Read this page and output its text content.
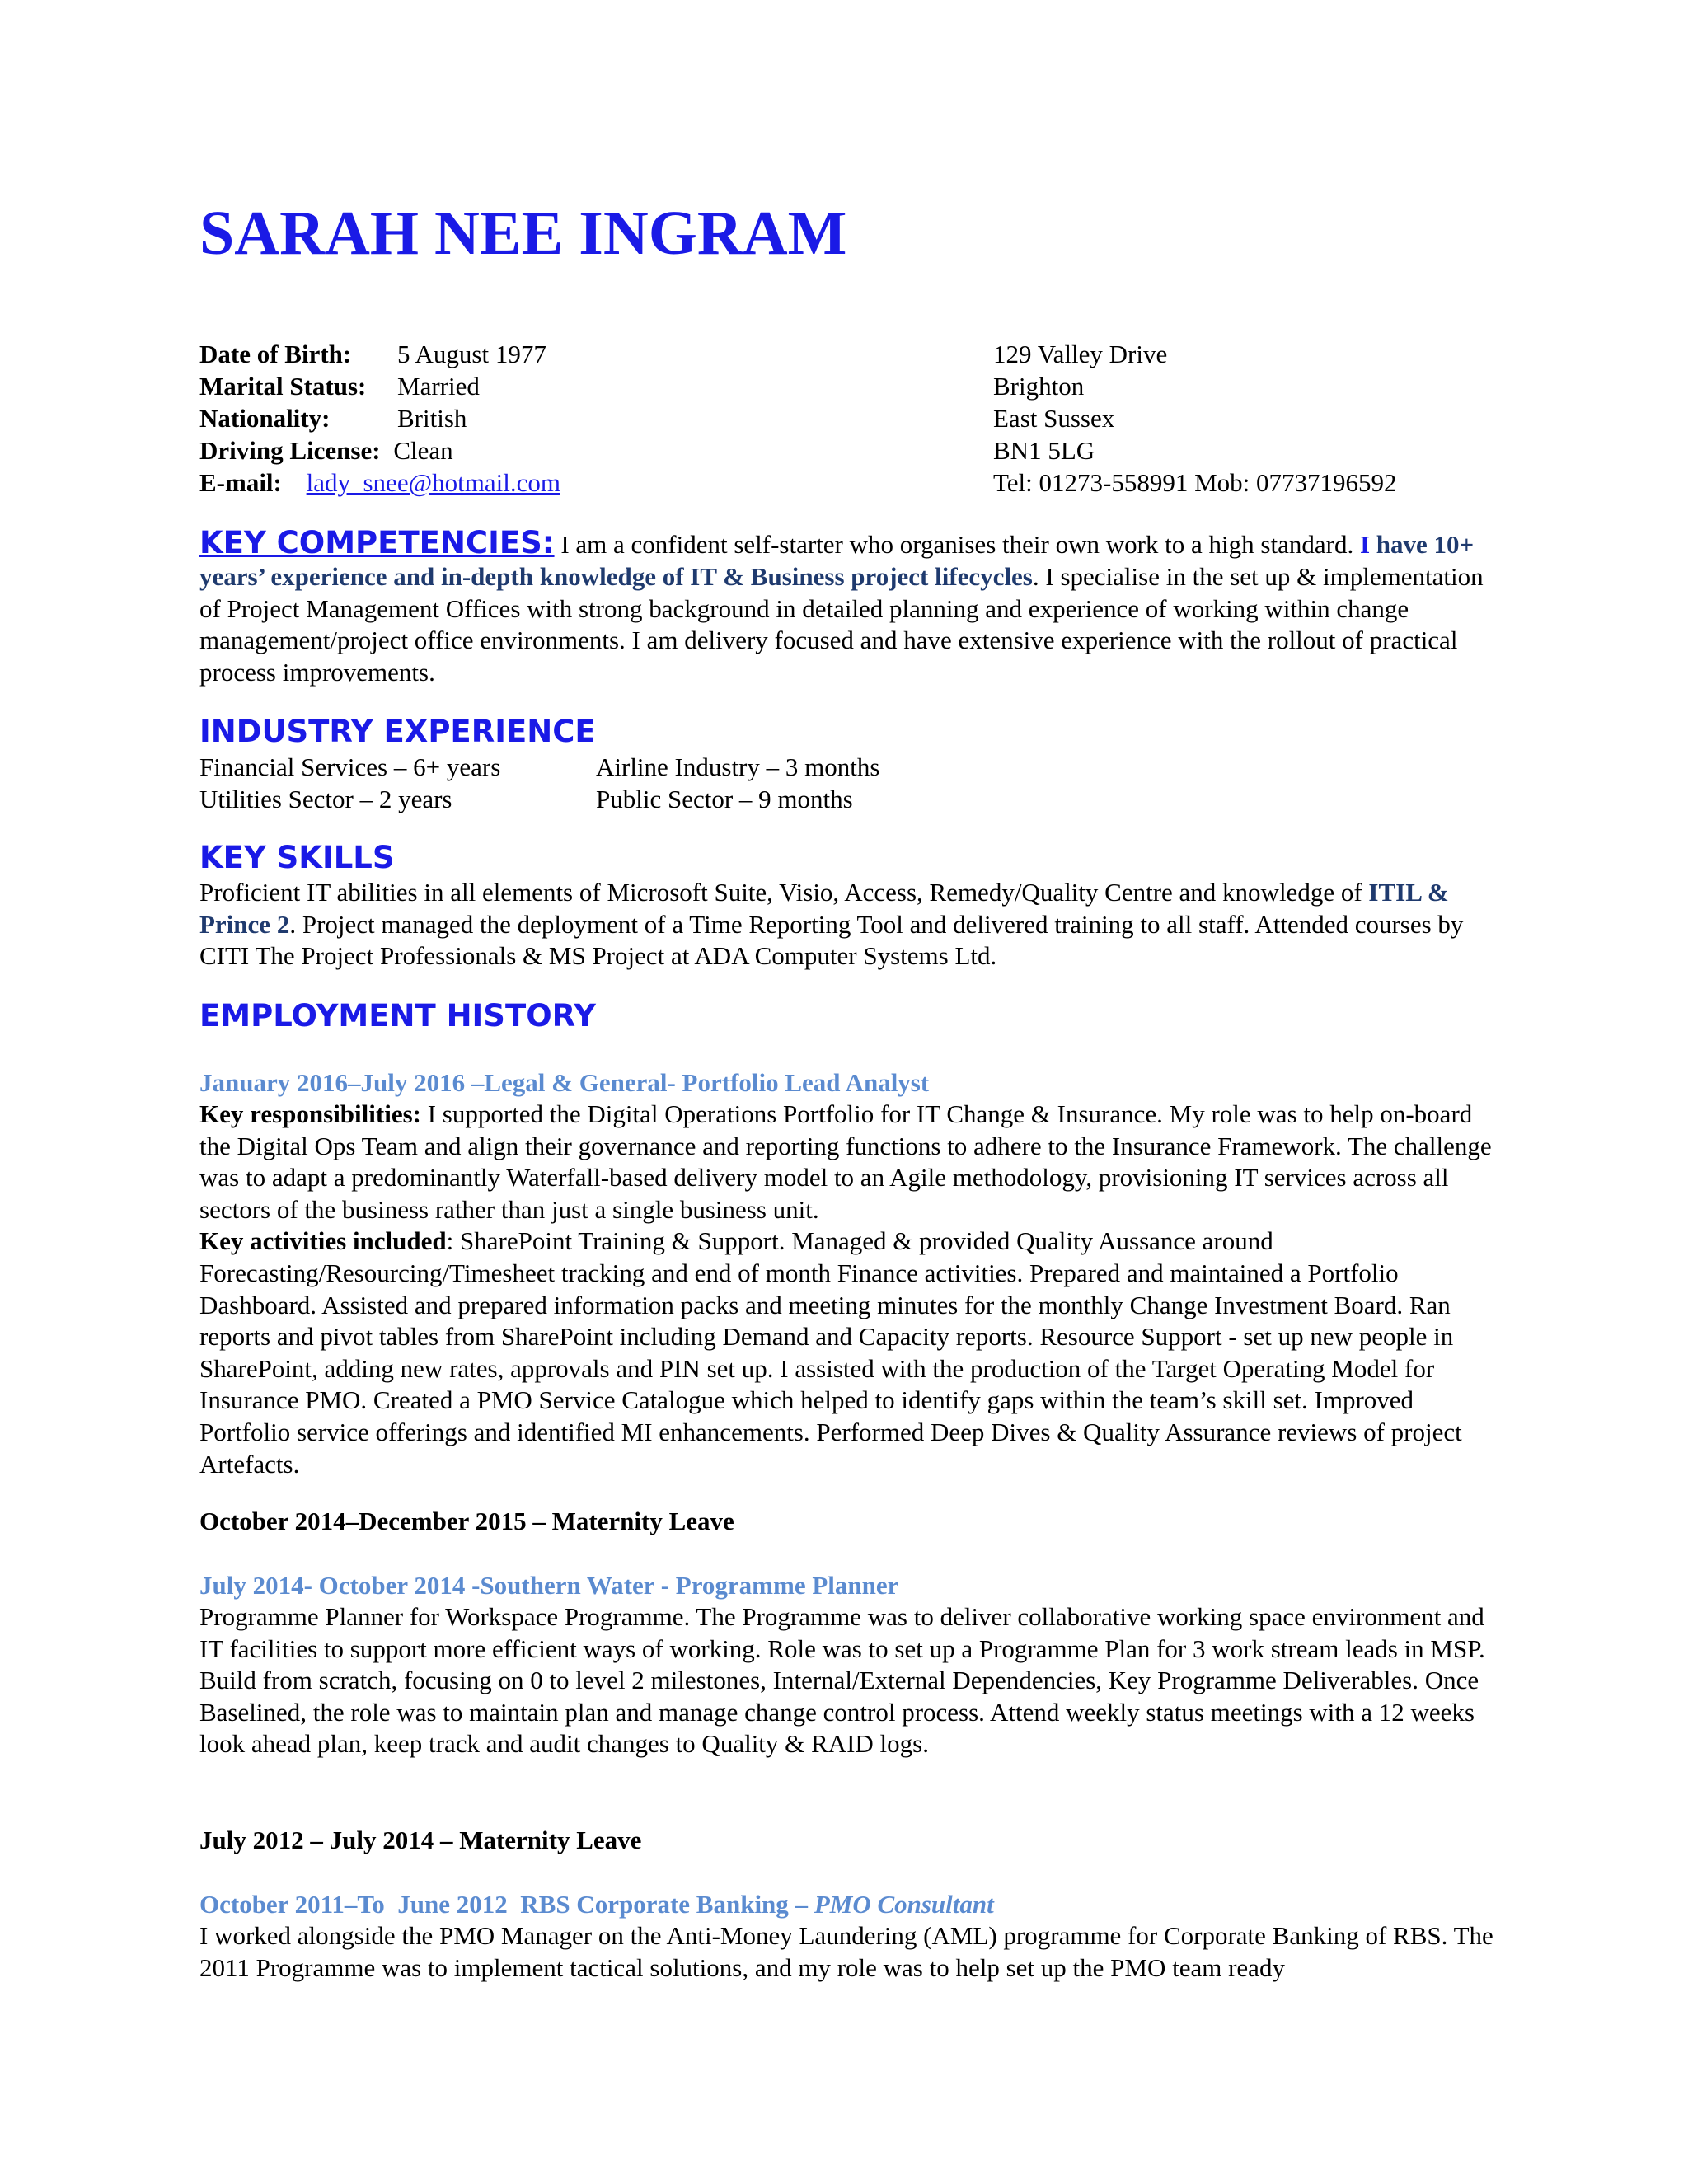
SARAH NEE INGRAM
Date of Birth: 5 August 1977
Marital Status: Married
Nationality:	British
Driving License: Clean
E-mail: lady_snee@hotmail.com
129 Valley Drive
Brighton
East Sussex
BN1 5LG
Tel: 01273-558991 Mob: 07737196592
KEY COMPETENCIES: I am a confident self-starter who organises their own work to a high standard. I have 10+ years’ experience and in-depth knowledge of IT & Business project lifecycles. I specialise in the set up & implementation of Project Management Offices with strong background in detailed planning and experience of working within change management/project office environments. I am delivery focused and have extensive experience with the rollout of practical process improvements.
INDUSTRY EXPERIENCE
Financial Services – 6+ years	Airline Industry – 3 months
Utilities Sector – 2 years	Public Sector – 9 months
KEY SKILLS
Proficient IT abilities in all elements of Microsoft Suite, Visio, Access, Remedy/Quality Centre and knowledge of ITIL & Prince 2. Project managed the deployment of a Time Reporting Tool and delivered training to all staff. Attended courses by CITI The Project Professionals & MS Project at ADA Computer Systems Ltd.
EMPLOYMENT HISTORY
January 2016–July 2016 –Legal & General- Portfolio Lead Analyst
Key responsibilities: I supported the Digital Operations Portfolio for IT Change & Insurance. My role was to help on-board the Digital Ops Team and align their governance and reporting functions to adhere to the Insurance Framework. The challenge was to adapt a predominantly Waterfall-based delivery model to an Agile methodology, provisioning IT services across all sectors of the business rather than just a single business unit.
Key activities included: SharePoint Training & Support. Managed & provided Quality Aussance around Forecasting/Resourcing/Timesheet tracking and end of month Finance activities. Prepared and maintained a Portfolio Dashboard. Assisted and prepared information packs and meeting minutes for the monthly Change Investment Board. Ran reports and pivot tables from SharePoint including Demand and Capacity reports. Resource Support - set up new people in SharePoint, adding new rates, approvals and PIN set up. I assisted with the production of the Target Operating Model for Insurance PMO. Created a PMO Service Catalogue which helped to identify gaps within the team’s skill set. Improved Portfolio service offerings and identified MI enhancements. Performed Deep Dives & Quality Assurance reviews of project Artefacts.
October 2014–December 2015 – Maternity Leave
July 2014- October 2014 -Southern Water - Programme Planner
Programme Planner for Workspace Programme. The Programme was to deliver collaborative working space environment and IT facilities to support more efficient ways of working. Role was to set up a Programme Plan for 3 work stream leads in MSP. Build from scratch, focusing on 0 to level 2 milestones, Internal/External Dependencies, Key Programme Deliverables. Once Baselined, the role was to maintain plan and manage change control process. Attend weekly status meetings with a 12 weeks look ahead plan, keep track and audit changes to Quality & RAID logs.
July 2012 – July 2014 – Maternity Leave
October 2011–To  June 2012  RBS Corporate Banking – PMO Consultant
I worked alongside the PMO Manager on the Anti-Money Laundering (AML) programme for Corporate Banking of RBS. The 2011 Programme was to implement tactical solutions, and my role was to help set up the PMO team ready
